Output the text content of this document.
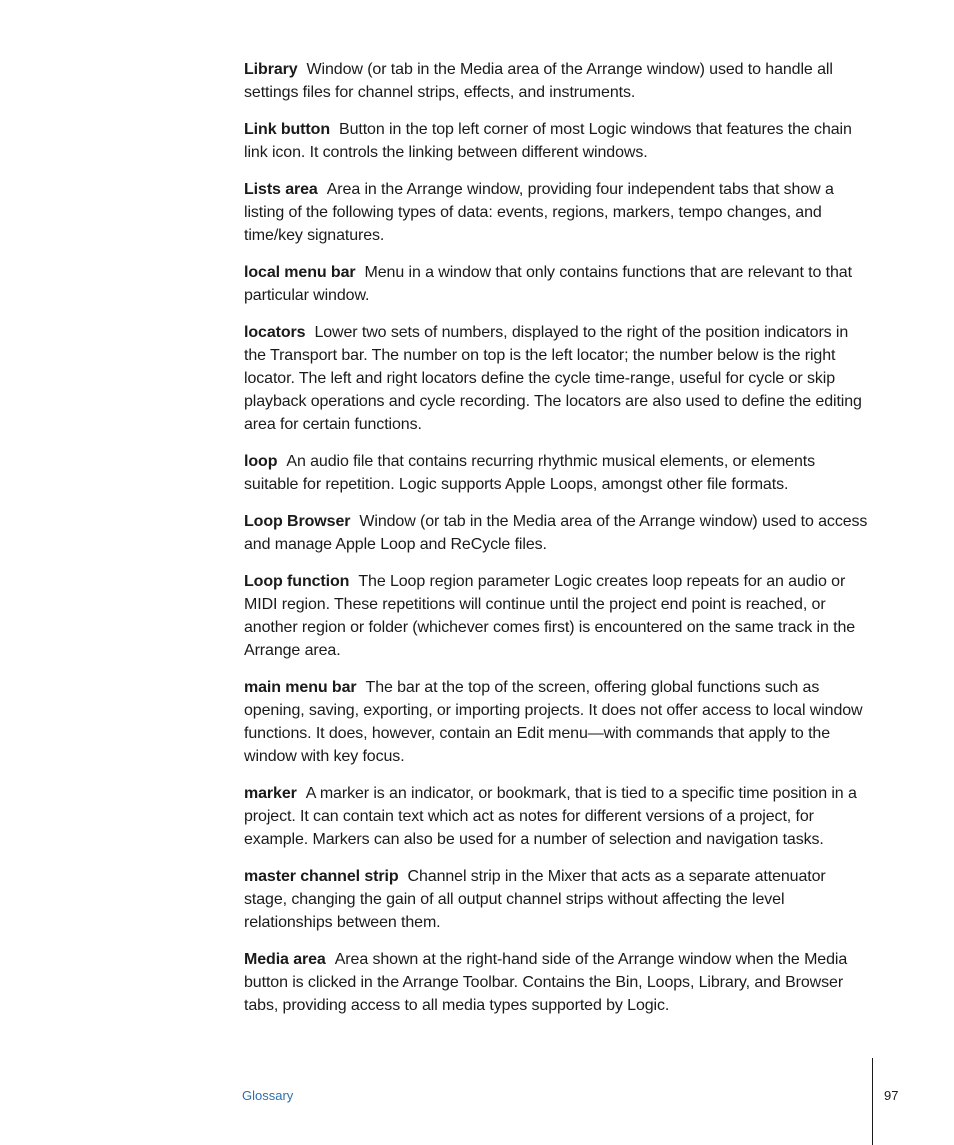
Library Window (or tab in the Media area of the Arrange window) used to handle all settings files for channel strips, effects, and instruments.

Link button Button in the top left corner of most Logic windows that features the chain link icon. It controls the linking between different windows.

Lists area Area in the Arrange window, providing four independent tabs that show a listing of the following types of data: events, regions, markers, tempo changes, and time/key signatures.

local menu bar Menu in a window that only contains functions that are relevant to that particular window.

locators Lower two sets of numbers, displayed to the right of the position indicators in the Transport bar. The number on top is the left locator; the number below is the right locator. The left and right locators define the cycle time-range, useful for cycle or skip playback operations and cycle recording. The locators are also used to define the editing area for certain functions.

loop An audio file that contains recurring rhythmic musical elements, or elements suitable for repetition. Logic supports Apple Loops, amongst other file formats.

Loop Browser Window (or tab in the Media area of the Arrange window) used to access and manage Apple Loop and ReCycle files.

Loop function The Loop region parameter Logic creates loop repeats for an audio or MIDI region. These repetitions will continue until the project end point is reached, or another region or folder (whichever comes first) is encountered on the same track in the Arrange area.

main menu bar The bar at the top of the screen, offering global functions such as opening, saving, exporting, or importing projects. It does not offer access to local window functions. It does, however, contain an Edit menu—with commands that apply to the window with key focus.

marker A marker is an indicator, or bookmark, that is tied to a specific time position in a project. It can contain text which act as notes for different versions of a project, for example. Markers can also be used for a number of selection and navigation tasks.

master channel strip Channel strip in the Mixer that acts as a separate attenuator stage, changing the gain of all output channel strips without affecting the level relationships between them.

Media area Area shown at the right-hand side of the Arrange window when the Media button is clicked in the Arrange Toolbar. Contains the Bin, Loops, Library, and Browser tabs, providing access to all media types supported by Logic.

Glossary	97
